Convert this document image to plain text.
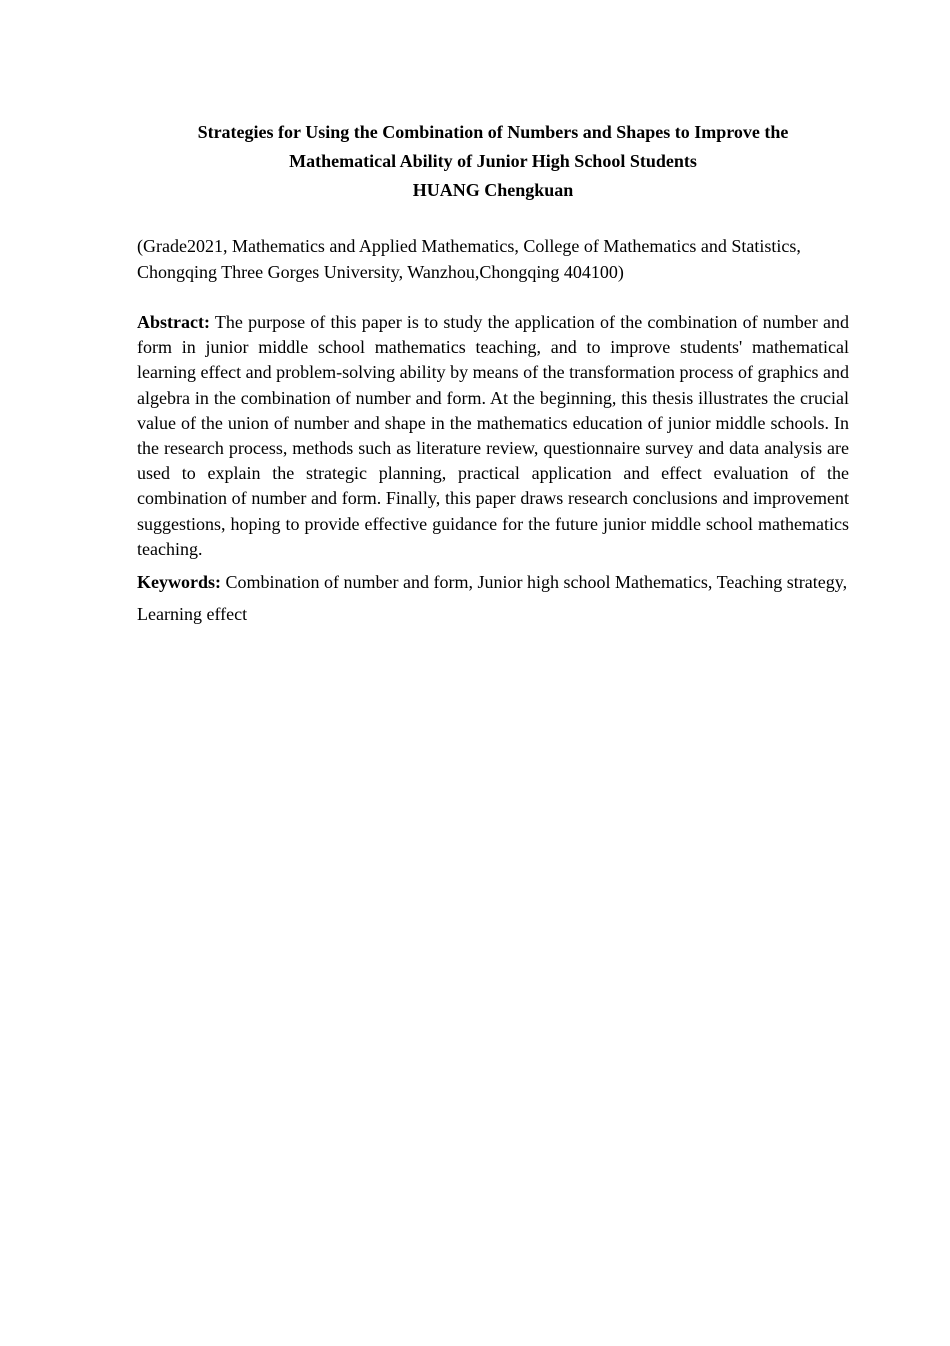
Strategies for Using the Combination of Numbers and Shapes to Improve the
Mathematical Ability of Junior High School Students

HUANG Chengkuan

(Grade2021, Mathematics and Applied Mathematics, College of Mathematics and Statistics, Chongqing Three Gorges University, Wanzhou,Chongqing 404100)

Abstract: The purpose of this paper is to study the application of the combination of number and form in junior middle school mathematics teaching, and to improve students' mathematical learning effect and problem-solving ability by means of the transformation process of graphics and algebra in the combination of number and form. At the beginning, this thesis illustrates the crucial value of the union of number and shape in the mathematics education of junior middle schools. In the research process, methods such as literature review, questionnaire survey and data analysis are used to explain the strategic planning, practical application and effect evaluation of the combination of number and form. Finally, this paper draws research conclusions and improvement suggestions, hoping to provide effective guidance for the future junior middle school mathematics teaching.

Keywords: Combination of number and form, Junior high school Mathematics, Teaching strategy, Learning effect
